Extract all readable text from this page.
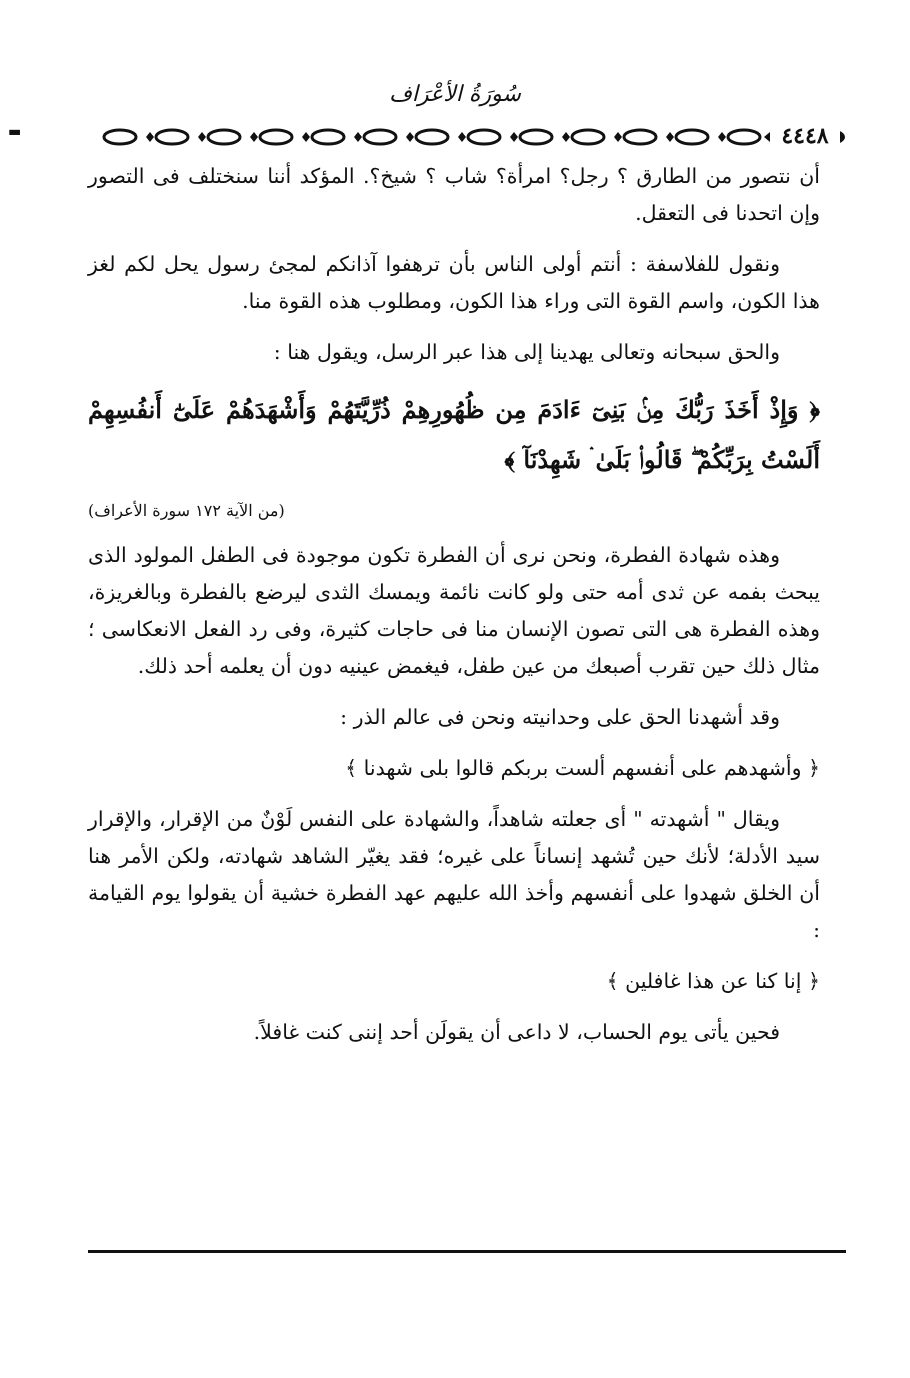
▬
سُورَةُ الأعْرَاف
٤٤٤٨

أن نتصور من الطارق ؟ رجل؟ امرأة؟ شاب ؟ شيخ؟. المؤكد أننا سنختلف فى التصور وإن اتحدنا فى التعقل.

ونقول للفلاسفة : أنتم أولى الناس بأن ترهفوا آذانكم لمجئ رسول يحل لكم لغز هذا الكون، واسم القوة التى وراء هذا الكون، ومطلوب هذه القوة منا.

والحق سبحانه وتعالى يهدينا إلى هذا عبر الرسل، ويقول هنا :

﴿ وَإِذْ أَخَذَ رَبُّكَ مِنۢ بَنِىٓ ءَادَمَ مِن ظُهُورِهِمْ ذُرِّيَّتَهُمْ وَأَشْهَدَهُمْ عَلَىٰٓ أَنفُسِهِمْ أَلَسْتُ بِرَبِّكُمْ ۖ قَالُوا۟ بَلَىٰ ۛ شَهِدْنَآ ﴾

(من الآية ١٧٢ سورة الأعراف)

وهذه شهادة الفطرة، ونحن نرى أن الفطرة تكون موجودة فى الطفل المولود الذى يبحث بفمه عن ثدى أمه حتى ولو كانت نائمة ويمسك الثدى ليرضع بالفطرة وبالغريزة، وهذه الفطرة هى التى تصون الإنسان منا فى حاجات كثيرة، وفى رد الفعل الانعكاسى ؛ مثال ذلك حين تقرب أصبعك من عين طفل، فيغمض عينيه دون أن يعلمه أحد ذلك.

وقد أشهدنا الحق على وحدانيته ونحن فى عالم الذر :

﴿ وأشهدهم على أنفسهم ألست بربكم قالوا بلى شهدنا ﴾

ويقال " أشهدته " أى جعلته شاهداً، والشهادة على النفس لَوْنٌ من الإقرار، والإقرار سيد الأدلة؛ لأنك حين تُشهد إنساناً على غيره؛ فقد يغيّر الشاهد شهادته، ولكن الأمر هنا أن الخلق شهدوا على أنفسهم وأخذ الله عليهم عهد الفطرة خشية أن يقولوا يوم القيامة :

﴿ إنا كنا عن هذا غافلين ﴾

فحين يأتى يوم الحساب، لا داعى أن يقولَن أحد إننى كنت غافلاً.
